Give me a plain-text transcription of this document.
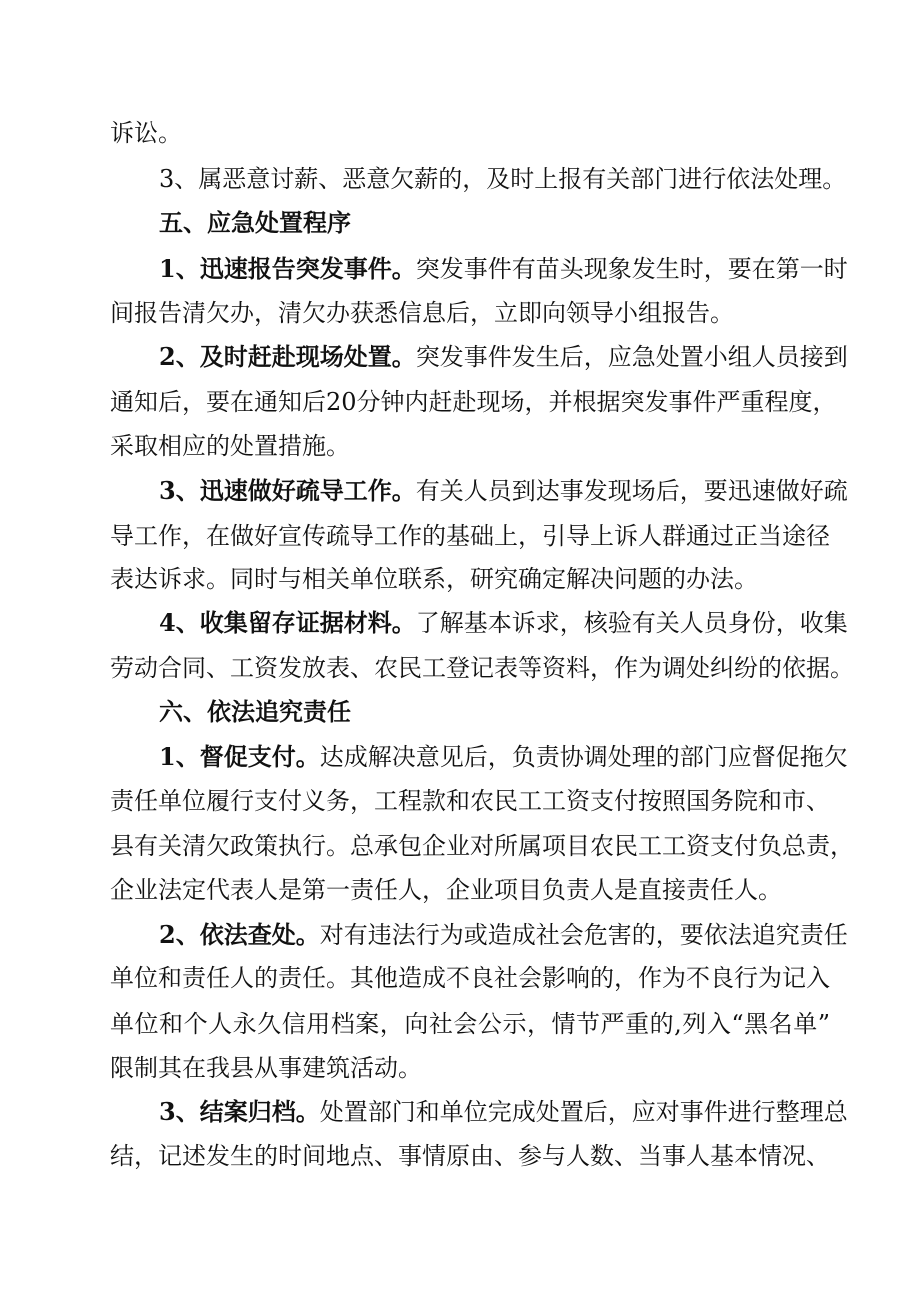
诉讼。
3、属恶意讨薪、恶意欠薪的，及时上报有关部门进行依法处理。
五、应急处置程序
1、迅速报告突发事件。突发事件有苗头现象发生时，要在第一时
间报告清欠办，清欠办获悉信息后，立即向领导小组报告。
2、及时赶赴现场处置。突发事件发生后，应急处置小组人员接到
通知后，要在通知后20分钟内赶赴现场，并根据突发事件严重程度，
采取相应的处置措施。
3、迅速做好疏导工作。有关人员到达事发现场后，要迅速做好疏
导工作，在做好宣传疏导工作的基础上，引导上诉人群通过正当途径
表达诉求。同时与相关单位联系，研究确定解决问题的办法。
4、收集留存证据材料。了解基本诉求，核验有关人员身份，收集
劳动合同、工资发放表、农民工登记表等资料，作为调处纠纷的依据。
六、依法追究责任
1、督促支付。达成解决意见后，负责协调处理的部门应督促拖欠
责任单位履行支付义务，工程款和农民工工资支付按照国务院和市、
县有关清欠政策执行。总承包企业对所属项目农民工工资支付负总责，
企业法定代表人是第一责任人，企业项目负责人是直接责任人。
2、依法查处。对有违法行为或造成社会危害的，要依法追究责任
单位和责任人的责任。其他造成不良社会影响的，作为不良行为记入
单位和个人永久信用档案，向社会公示，情节严重的,列入“黑名单”
限制其在我县从事建筑活动。
3、结案归档。处置部门和单位完成处置后，应对事件进行整理总
结，记述发生的时间地点、事情原由、参与人数、当事人基本情况、
